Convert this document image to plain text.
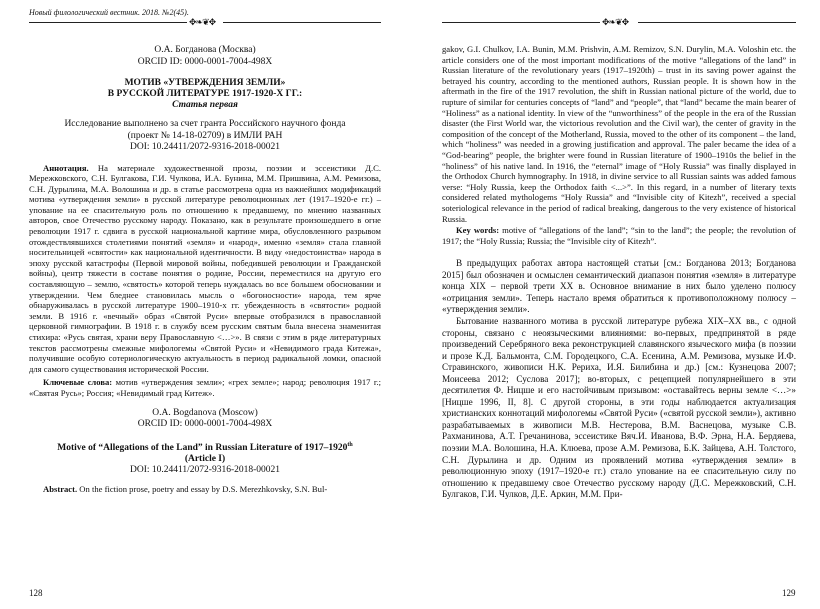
Новый филологический вестник. 2018. №2(45).
✥❧❦✥

О.А. Богданова (Москва)

ORCID ID: 0000-0001-7004-498X

МОТИВ «УТВЕРЖДЕНИЯ ЗЕМЛИ»

В РУССКОЙ ЛИТЕРАТУРЕ 1917-1920-Х ГГ.:

Статья первая

Исследование выполнено за счет гранта Российского научного фонда

(проект № 14-18-02709) в ИМЛИ РАН

DOI: 10.24411/2072-9316-2018-00021

Аннотация. На материале художественной прозы, поэзии и эссеистики Д.С. Мережковского, С.Н. Булгакова, Г.И. Чулкова, И.А. Бунина, М.М. Пришвина, А.М. Ремизова, С.Н. Дурылина, М.А. Волошина и др. в статье рассмотрена одна из важнейших модификаций мотива «утверждения земли» в русской литературе революционных лет (1917–1920-е гг.) – упование на ее спасительную роль по отношению к предавшему, по мнению названных авторов, свое Отечество русскому народу. Показано, как в результате произошедшего в огне революции 1917 г. сдвига в русской национальной картине мира, обусловленного разрывом отождествлявшихся столетиями понятий «земля» и «народ», именно «земля» стала главной носительницей «святости» как национальной идентичности. В виду «недостоинства» народа в эпоху русской катастрофы (Первой мировой войны, победившей революции и Гражданской войны), центр тяжести в составе понятия о родине, России, переместился на другую его составляющую – землю, «святость» которой теперь нуждалась во все большем обосновании и утверждении. Чем бледнее становилась мысль о «богоносности» народа, тем ярче обнаруживалась в русской литературе 1900–1910-х гг. убежденность в «святости» родной земли. В 1916 г. «вечный» образ «Святой Руси» впервые отобразился в православной церковной гимнографии. В 1918 г. в службу всем русским святым была внесена знаменитая стихира: «Русь святая, храни веру Православную <…>». В связи с этим в ряде литературных текстов рассмотрены смежные мифологемы «Святой Руси» и «Невидимого града Китежа», получившие особую сотериологическую актуальность в период радикальной ломки, опасной для самого существования исторической России.

Ключевые слова: мотив «утверждения земли»; «грех земле»; народ; революция 1917 г.; «Святая Русь»; Россия; «Невидимый град Китеж».

O.A. Bogdanova (Moscow)

ORCID ID: 0000-0001-7004-498X

Motive of “Allegations of the Land” in Russian Literature of 1917–1920th

(Article I)

DOI: 10.24411/2072-9316-2018-00021

Abstract. On the fiction prose, poetry and essay by D.S. Merezhkovsky, S.N. Bul-

128
✥❧❦✥

gakov, G.I. Chulkov, I.A. Bunin, M.M. Prishvin, A.M. Remizov, S.N. Durylin, M.A. Voloshin etc. the article considers one of the most important modifications of the motive “allegations of the land” in Russian literature of the revolutionary years (1917–1920th) – trust in its saving power against the betrayed his country, according to the mentioned authors, Russian people. It is shown how in the aftermath in the fire of the 1917 revolution, the shift in Russian national picture of the world, due to rupture of similar for centuries concepts of “land” and “people”, that “land” became the main bearer of “Holiness” as a national identity. In view of the “unworthiness” of the people in the era of the Russian disaster (the First World war, the victorious revolution and the Civil war), the center of gravity in the composition of the concept of the Motherland, Russia, moved to the other of its component – the land, which “holiness” was needed in a growing justification and approval. The paler became the idea of a “God-bearing” people, the brighter were found in Russian literature of 1900–1910s the belief in the “holiness” of his native land. In 1916, the “eternal” image of “Holy Russia” was finally displayed in the Orthodox Church hymnography. In 1918, in divine service to all Russian saints was added famous verse: “Holy Russia, keep the Orthodox faith <...>”. In this regard, in a number of literary texts considered related mythologems “Holy Russia” and “Invisible city of Kitezh”, received a special soteriological relevance in the period of radical breaking, dangerous to the very existence of historical Russia.

Key words: motive of “allegations of the land”; “sin to the land”; the people; the revolution of 1917; the “Holy Russia; Russia; the “Invisible city of Kitezh”.

В предыдущих работах автора настоящей статьи [см.: Богданова 2013; Богданова 2015] был обозначен и осмыслен семантический диапазон понятия «земля» в литературе конца XIX – первой трети XX в. Основное внимание в них было уделено полюсу «отрицания земли». Теперь настало время обратиться к противоположному полюсу – «утверждения земли».

Бытование названного мотива в русской литературе рубежа XIX–XX вв., с одной стороны, связано с неоязыческими влияниями: во-первых, предпринятой в ряде произведений Серебряного века реконструкцией славянского языческого мифа (в поэзии и прозе К.Д. Бальмонта, С.М. Городецкого, С.А. Есенина, А.М. Ремизова, музыке И.Ф. Стравинского, живописи Н.К. Рериха, И.Я. Билибина и др.) [см.: Кузнецова 2007; Моисеева 2012; Суслова 2017]; во-вторых, с рецепцией популярнейшего в эти десятилетия Ф. Ницше и его настойчивым призывом: «оставайтесь верны земле <…>» [Ницше 1996, II, 8]. С другой стороны, в эти годы наблюдается актуализация христианских коннотаций мифологемы «Святой Руси» («святой русской земли»), активно разрабатываемых в живописи М.В. Нестерова, В.М. Васнецова, музыке С.В. Рахманинова, А.Т. Гречанинова, эссеистике Вяч.И. Иванова, В.Ф. Эрна, Н.А. Бердяева, поэзии М.А. Волошина, Н.А. Клюева, прозе А.М. Ремизова, Б.К. Зайцева, А.Н. Толстого, С.Н. Дурылина и др. Одним из проявлений мотива «утверждения земли» в революционную эпоху (1917–1920-е гг.) стало упование на ее спасительную силу по отношению к предавшему свое Отечество русскому народу (Д.С. Мережковский, С.Н. Булгаков, Г.И. Чулков, Д.Е. Аркин, М.М. При-

129
